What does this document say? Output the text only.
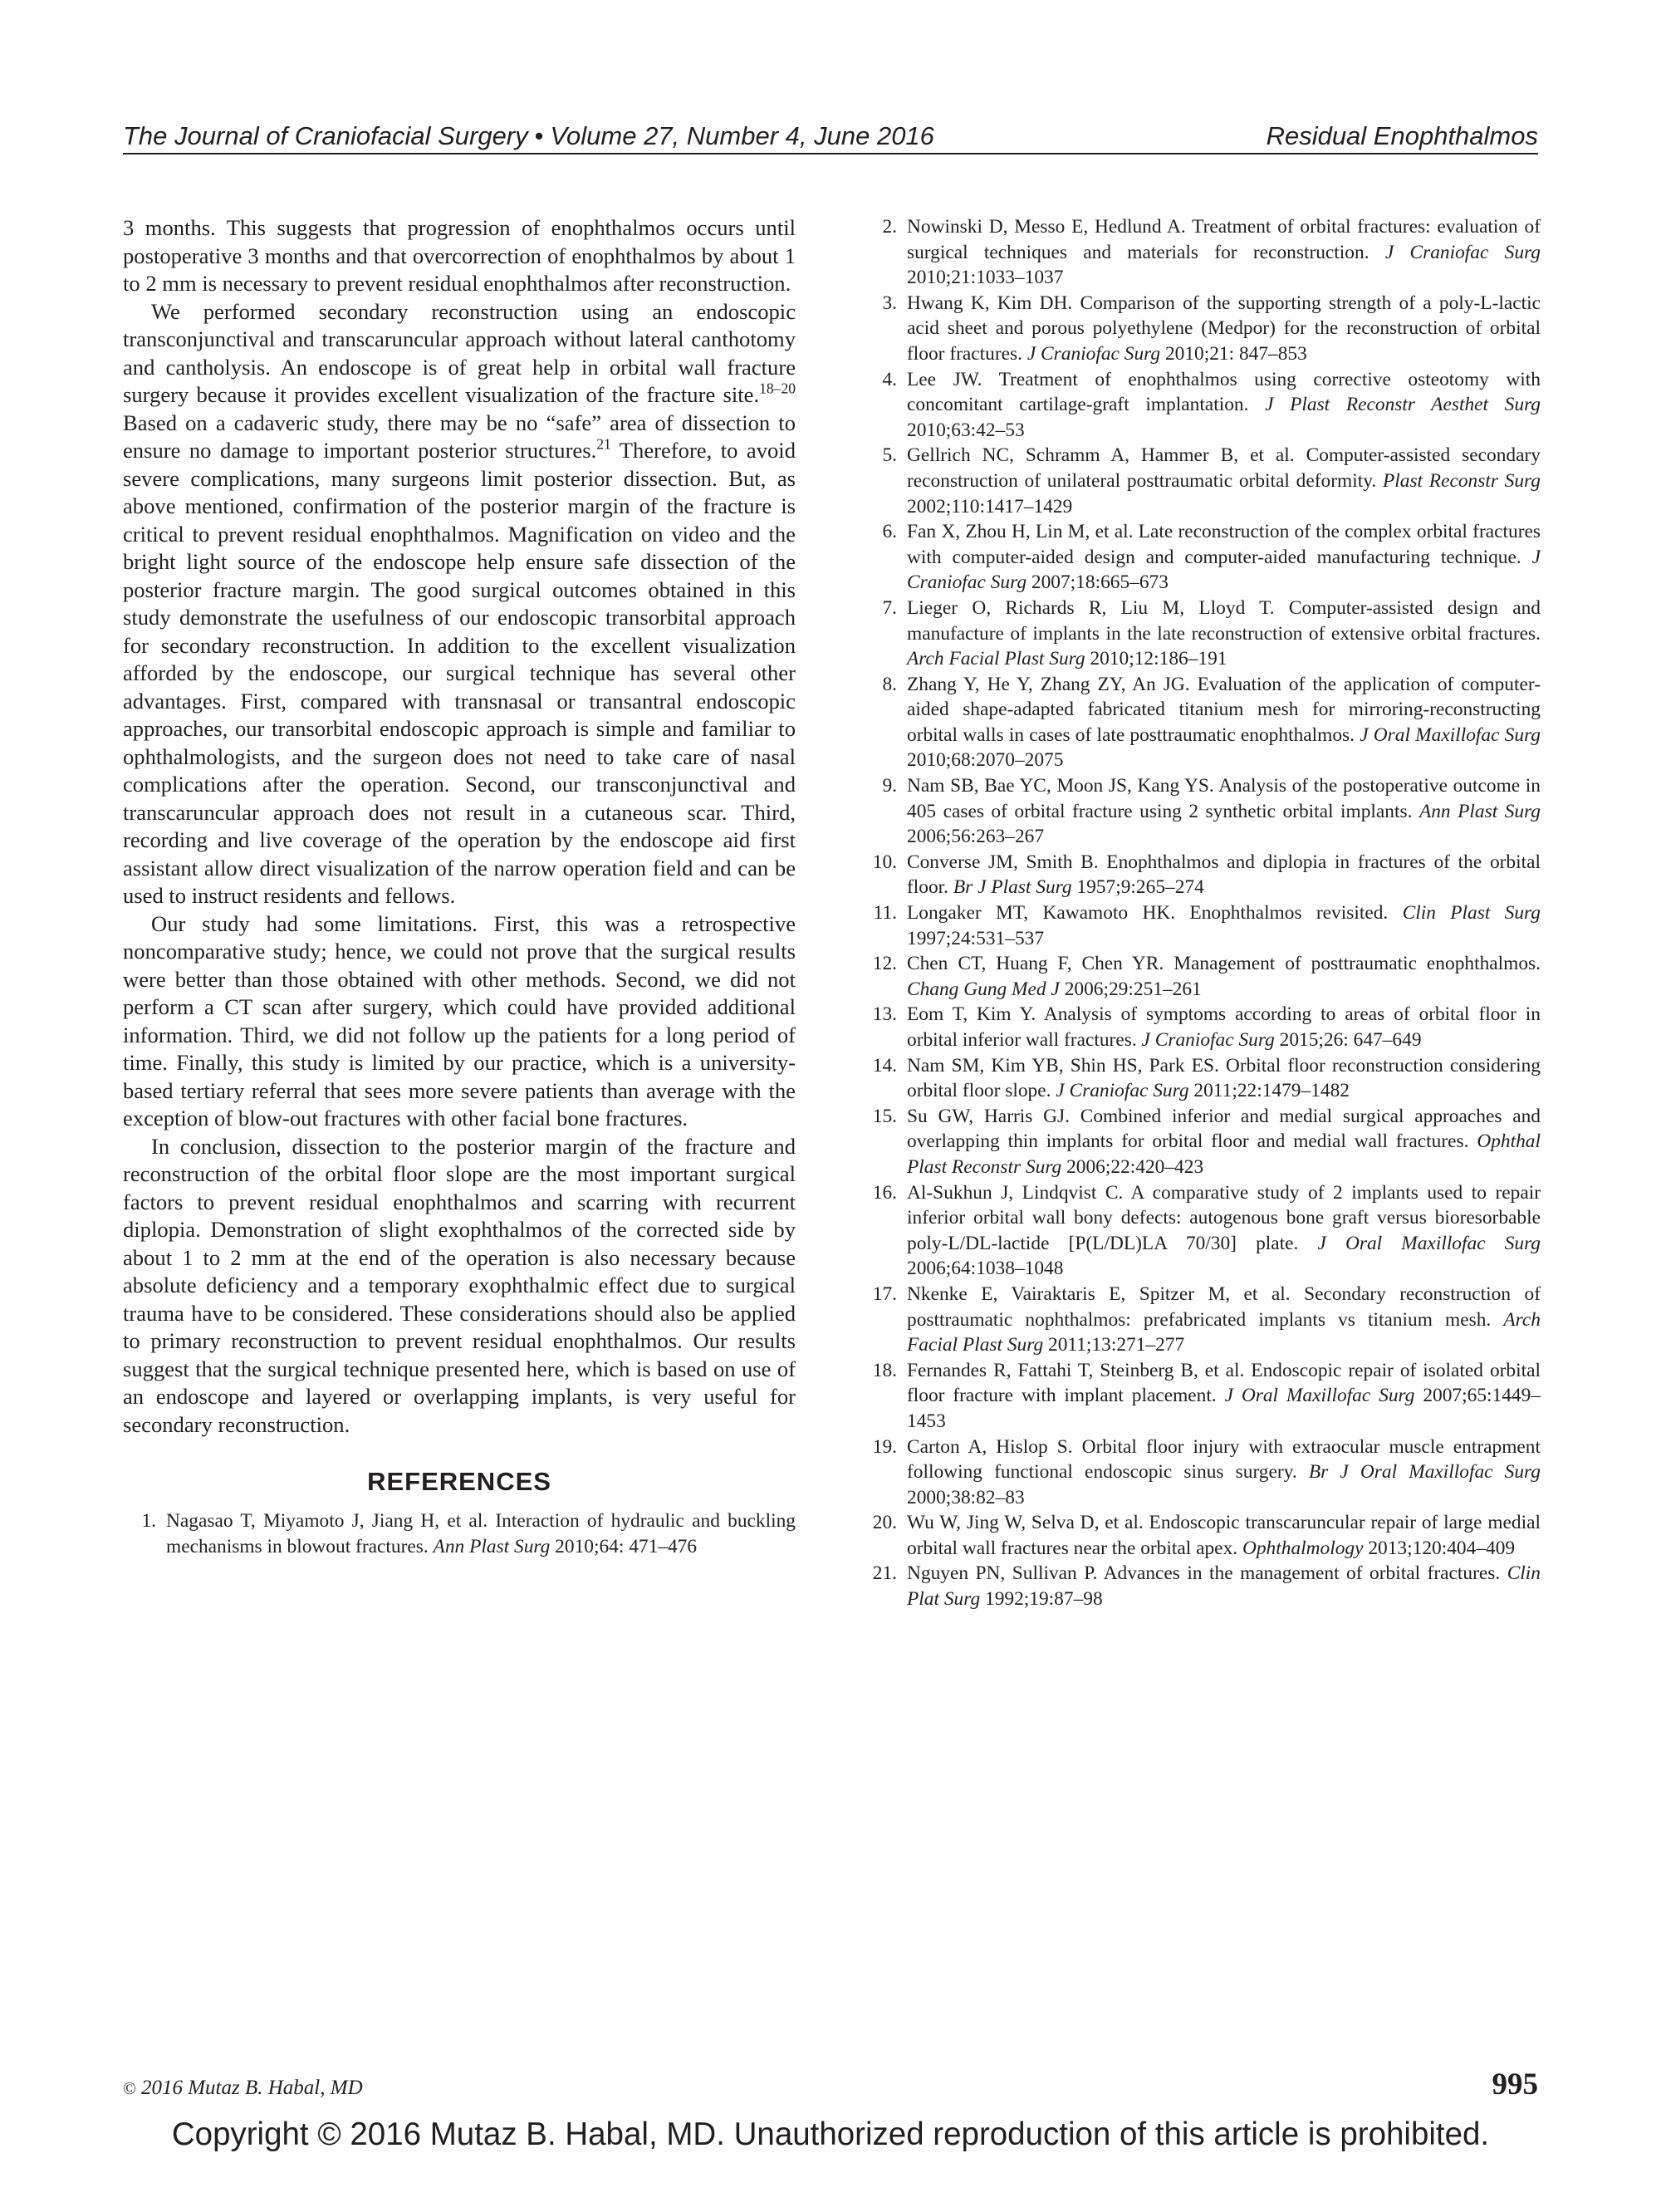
The Journal of Craniofacial Surgery • Volume 27, Number 4, June 2016	Residual Enophthalmos

3 months. This suggests that progression of enophthalmos occurs until postoperative 3 months and that overcorrection of enophthalmos by about 1 to 2 mm is necessary to prevent residual enophthalmos after reconstruction.

We performed secondary reconstruction using an endoscopic transconjunctival and transcaruncular approach without lateral canthotomy and cantholysis. An endoscope is of great help in orbital wall fracture surgery because it provides excellent visualization of the fracture site.$^{18-20}$ Based on a cadaveric study, there may be no “safe” area of dissection to ensure no damage to important posterior structures.$^{21}$ Therefore, to avoid severe complications, many surgeons limit posterior dissection. But, as above mentioned, confirmation of the posterior margin of the fracture is critical to prevent residual enophthalmos. Magnification on video and the bright light source of the endoscope help ensure safe dissection of the posterior fracture margin. The good surgical outcomes obtained in this study demonstrate the usefulness of our endoscopic transorbital approach for secondary reconstruction. In addition to the excellent visualization afforded by the endoscope, our surgical technique has several other advantages. First, compared with transnasal or transantral endoscopic approaches, our transorbital endoscopic approach is simple and familiar to ophthalmologists, and the surgeon does not need to take care of nasal complications after the operation. Second, our transconjunctival and transcaruncular approach does not result in a cutaneous scar. Third, recording and live coverage of the operation by the endoscope aid first assistant allow direct visualization of the narrow operation field and can be used to instruct residents and fellows.

Our study had some limitations. First, this was a retrospective noncomparative study; hence, we could not prove that the surgical results were better than those obtained with other methods. Second, we did not perform a CT scan after surgery, which could have provided additional information. Third, we did not follow up the patients for a long period of time. Finally, this study is limited by our practice, which is a university-based tertiary referral that sees more severe patients than average with the exception of blow-out fractures with other facial bone fractures.

In conclusion, dissection to the posterior margin of the fracture and reconstruction of the orbital floor slope are the most important surgical factors to prevent residual enophthalmos and scarring with recurrent diplopia. Demonstration of slight exophthalmos of the corrected side by about 1 to 2 mm at the end of the operation is also necessary because absolute deficiency and a temporary exophthalmic effect due to surgical trauma have to be considered. These considerations should also be applied to primary reconstruction to prevent residual enophthalmos. Our results suggest that the surgical technique presented here, which is based on use of an endoscope and layered or overlapping implants, is very useful for secondary reconstruction.

REFERENCES
1. Nagasao T, Miyamoto J, Jiang H, et al. Interaction of hydraulic and buckling mechanisms in blowout fractures. Ann Plast Surg 2010;64: 471–476
2. Nowinski D, Messo E, Hedlund A. Treatment of orbital fractures: evaluation of surgical techniques and materials for reconstruction. J Craniofac Surg 2010;21:1033–1037
3. Hwang K, Kim DH. Comparison of the supporting strength of a poly-L-lactic acid sheet and porous polyethylene (Medpor) for the reconstruction of orbital floor fractures. J Craniofac Surg 2010;21: 847–853
4. Lee JW. Treatment of enophthalmos using corrective osteotomy with concomitant cartilage-graft implantation. J Plast Reconstr Aesthet Surg 2010;63:42–53
5. Gellrich NC, Schramm A, Hammer B, et al. Computer-assisted secondary reconstruction of unilateral posttraumatic orbital deformity. Plast Reconstr Surg 2002;110:1417–1429
6. Fan X, Zhou H, Lin M, et al. Late reconstruction of the complex orbital fractures with computer-aided design and computer-aided manufacturing technique. J Craniofac Surg 2007;18:665–673
7. Lieger O, Richards R, Liu M, Lloyd T. Computer-assisted design and manufacture of implants in the late reconstruction of extensive orbital fractures. Arch Facial Plast Surg 2010;12:186–191
8. Zhang Y, He Y, Zhang ZY, An JG. Evaluation of the application of computer-aided shape-adapted fabricated titanium mesh for mirroring-reconstructing orbital walls in cases of late posttraumatic enophthalmos. J Oral Maxillofac Surg 2010;68:2070–2075
9. Nam SB, Bae YC, Moon JS, Kang YS. Analysis of the postoperative outcome in 405 cases of orbital fracture using 2 synthetic orbital implants. Ann Plast Surg 2006;56:263–267
10. Converse JM, Smith B. Enophthalmos and diplopia in fractures of the orbital floor. Br J Plast Surg 1957;9:265–274
11. Longaker MT, Kawamoto HK. Enophthalmos revisited. Clin Plast Surg 1997;24:531–537
12. Chen CT, Huang F, Chen YR. Management of posttraumatic enophthalmos. Chang Gung Med J 2006;29:251–261
13. Eom T, Kim Y. Analysis of symptoms according to areas of orbital floor in orbital inferior wall fractures. J Craniofac Surg 2015;26: 647–649
14. Nam SM, Kim YB, Shin HS, Park ES. Orbital floor reconstruction considering orbital floor slope. J Craniofac Surg 2011;22:1479–1482
15. Su GW, Harris GJ. Combined inferior and medial surgical approaches and overlapping thin implants for orbital floor and medial wall fractures. Ophthal Plast Reconstr Surg 2006;22:420–423
16. Al-Sukhun J, Lindqvist C. A comparative study of 2 implants used to repair inferior orbital wall bony defects: autogenous bone graft versus bioresorbable poly-L/DL-lactide [P(L/DL)LA 70/30] plate. J Oral Maxillofac Surg 2006;64:1038–1048
17. Nkenke E, Vairaktaris E, Spitzer M, et al. Secondary reconstruction of posttraumatic nophthalmos: prefabricated implants vs titanium mesh. Arch Facial Plast Surg 2011;13:271–277
18. Fernandes R, Fattahi T, Steinberg B, et al. Endoscopic repair of isolated orbital floor fracture with implant placement. J Oral Maxillofac Surg 2007;65:1449–1453
19. Carton A, Hislop S. Orbital floor injury with extraocular muscle entrapment following functional endoscopic sinus surgery. Br J Oral Maxillofac Surg 2000;38:82–83
20. Wu W, Jing W, Selva D, et al. Endoscopic transcaruncular repair of large medial orbital wall fractures near the orbital apex. Ophthalmology 2013;120:404–409
21. Nguyen PN, Sullivan P. Advances in the management of orbital fractures. Clin Plat Surg 1992;19:87–98
© 2016 Mutaz B. Habal, MD	995
Copyright © 2016 Mutaz B. Habal, MD. Unauthorized reproduction of this article is prohibited.
